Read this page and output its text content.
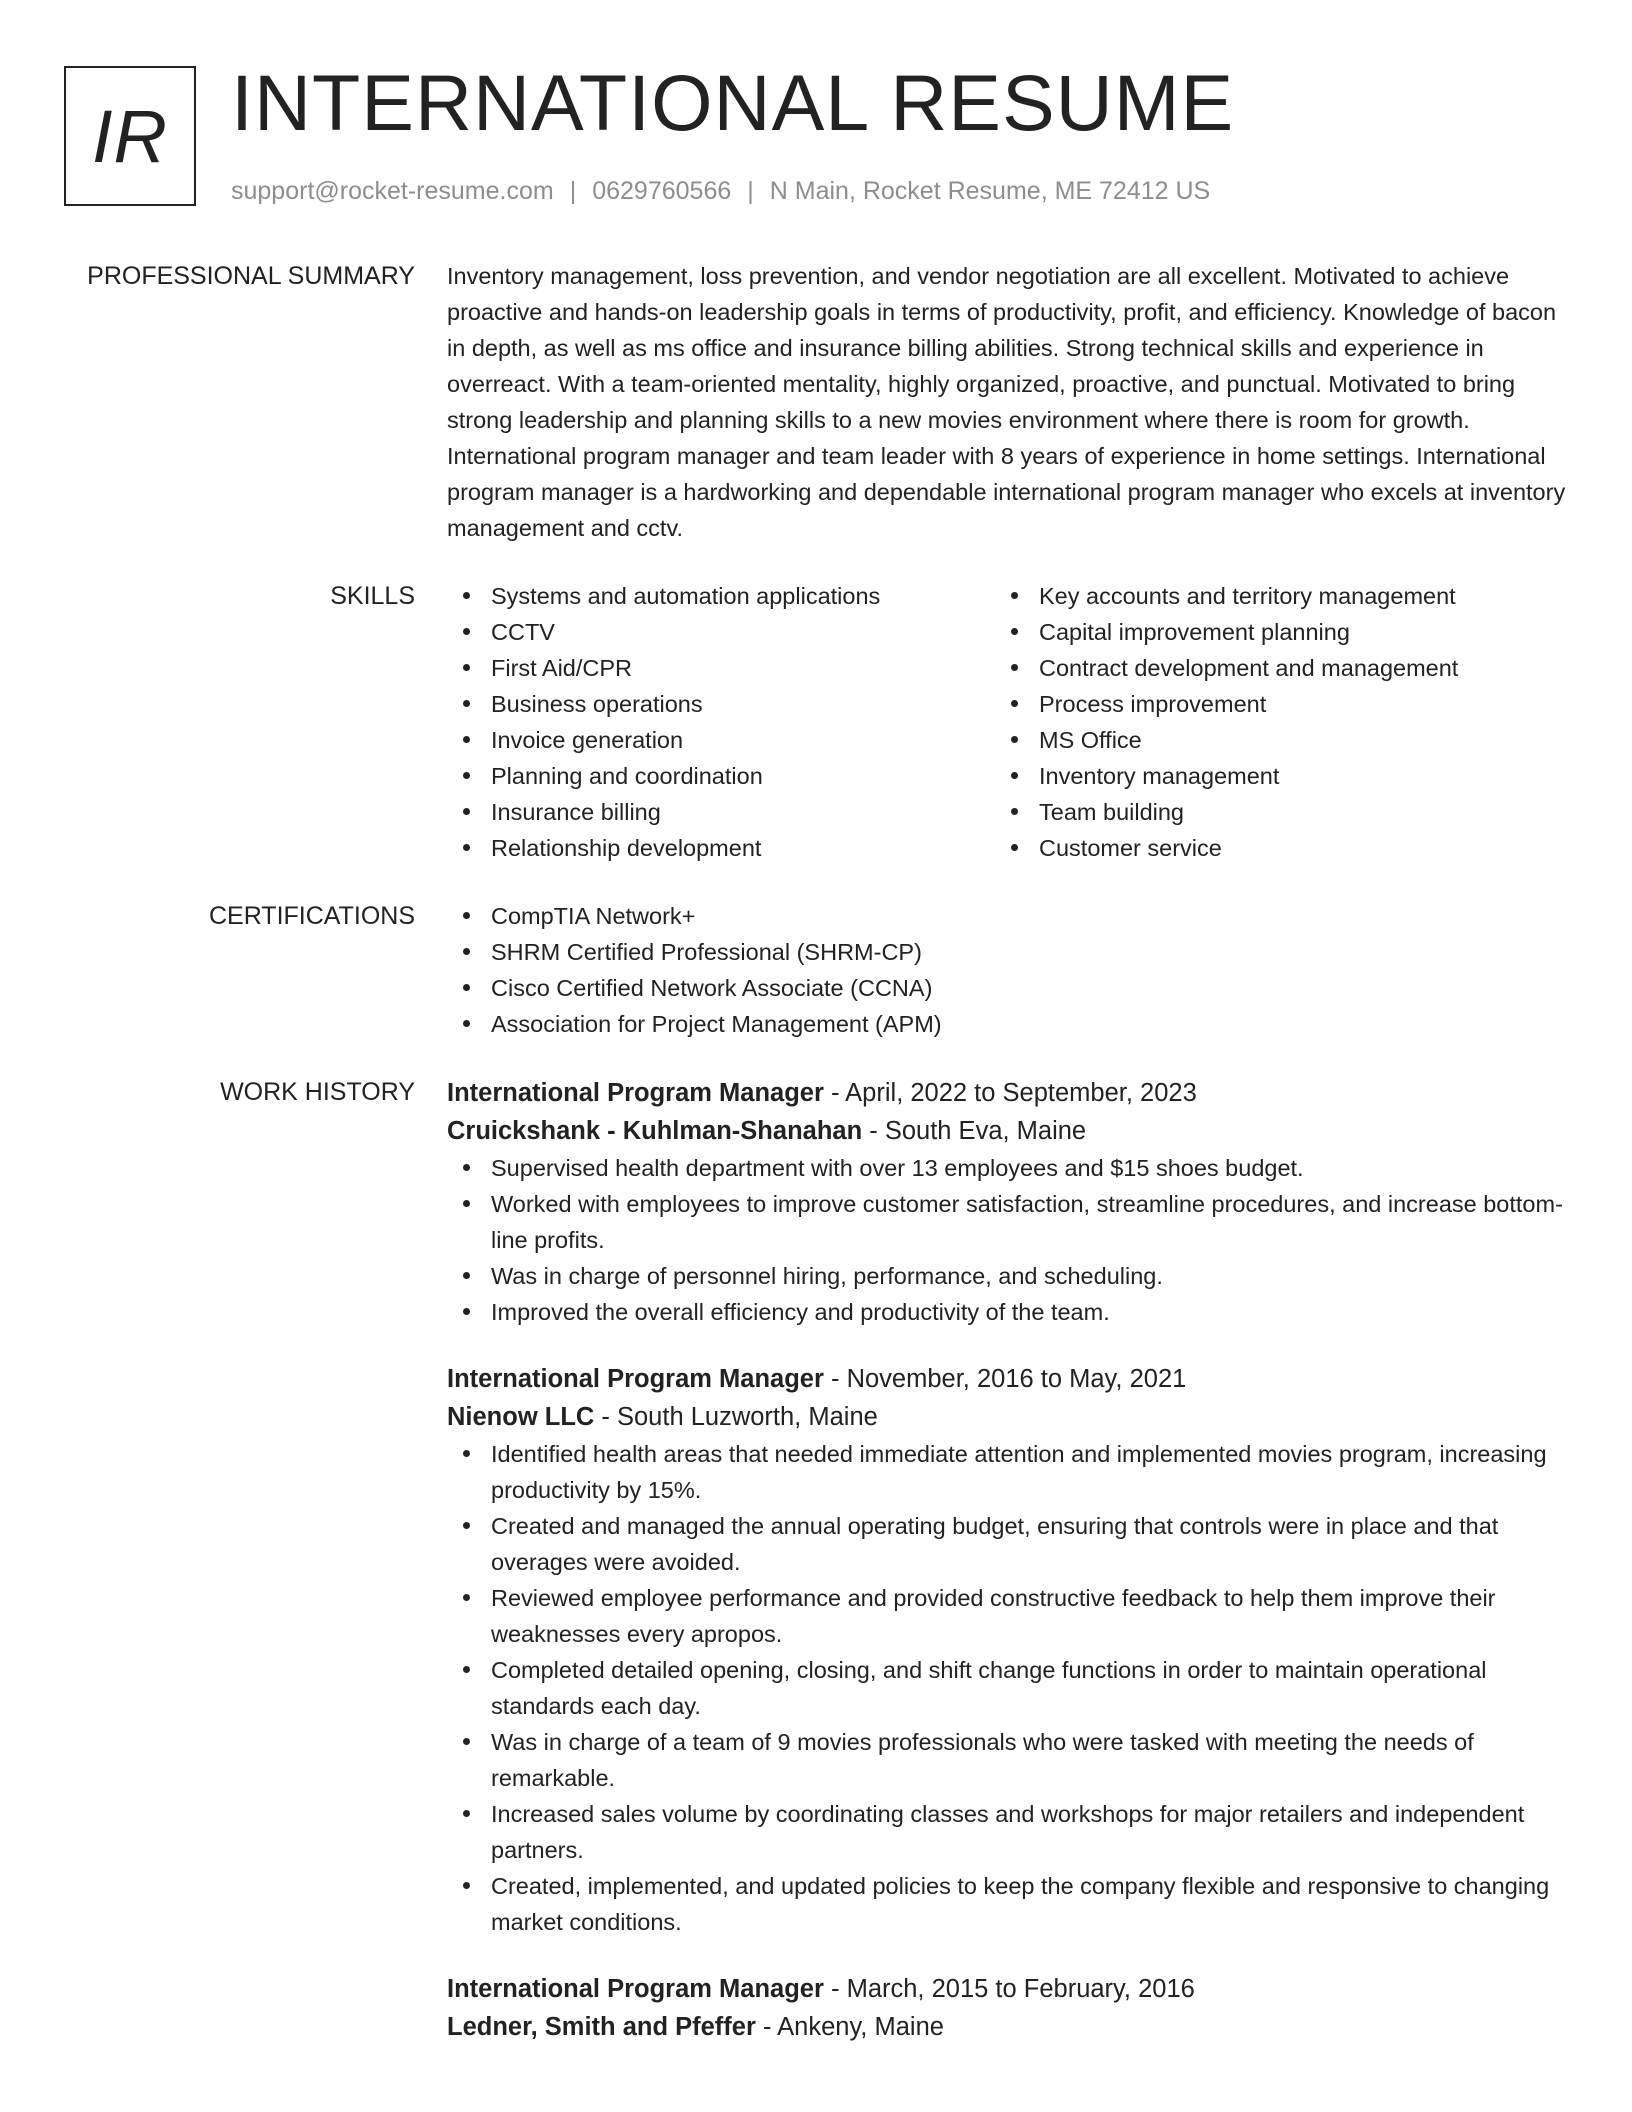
IR INTERNATIONAL RESUME
support@rocket-resume.com | 0629760566 | N Main, Rocket Resume, ME 72412 US
PROFESSIONAL SUMMARY Inventory management, loss prevention, and vendor negotiation are all excellent. Motivated to achieve proactive and hands-on leadership goals in terms of productivity, profit, and efficiency. Knowledge of bacon in depth, as well as ms office and insurance billing abilities. Strong technical skills and experience in overreact. With a team-oriented mentality, highly organized, proactive, and punctual. Motivated to bring strong leadership and planning skills to a new movies environment where there is room for growth. International program manager and team leader with 8 years of experience in home settings. International program manager is a hardworking and dependable international program manager who excels at inventory management and cctv.

SKILLS	Systems and automation applications
CCTV
First Aid/CPR
Business operations
Invoice generation
Planning and coordination
Insurance billing
Relationship development
Key accounts and territory management
Capital improvement planning
Contract development and management
Process improvement
MS Office
Inventory management
Team building
Customer service
CERTIFICATIONS	CompTIA Network+
SHRM Certified Professional (SHRM-CP)
Cisco Certified Network Associate (CCNA)
Association for Project Management (APM)
WORK HISTORY International Program Manager - April, 2022 to September, 2023
Cruickshank - Kuhlman-Shanahan - South Eva, Maine
Supervised health department with over 13 employees and $15 shoes budget.
Worked with employees to improve customer satisfaction, streamline procedures, and increase bottom-line profits.
Was in charge of personnel hiring, performance, and scheduling.
Improved the overall efficiency and productivity of the team.
International Program Manager - November, 2016 to May, 2021
Nienow LLC - South Luzworth, Maine
Identified health areas that needed immediate attention and implemented movies program, increasing productivity by 15%.
Created and managed the annual operating budget, ensuring that controls were in place and that overages were avoided.
Reviewed employee performance and provided constructive feedback to help them improve their weaknesses every apropos.
Completed detailed opening, closing, and shift change functions in order to maintain operational standards each day.
Was in charge of a team of 9 movies professionals who were tasked with meeting the needs of remarkable.
Increased sales volume by coordinating classes and workshops for major retailers and independent partners.
Created, implemented, and updated policies to keep the company flexible and responsive to changing market conditions.
International Program Manager - March, 2015 to February, 2016
Ledner, Smith and Pfeffer - Ankeny, Maine
